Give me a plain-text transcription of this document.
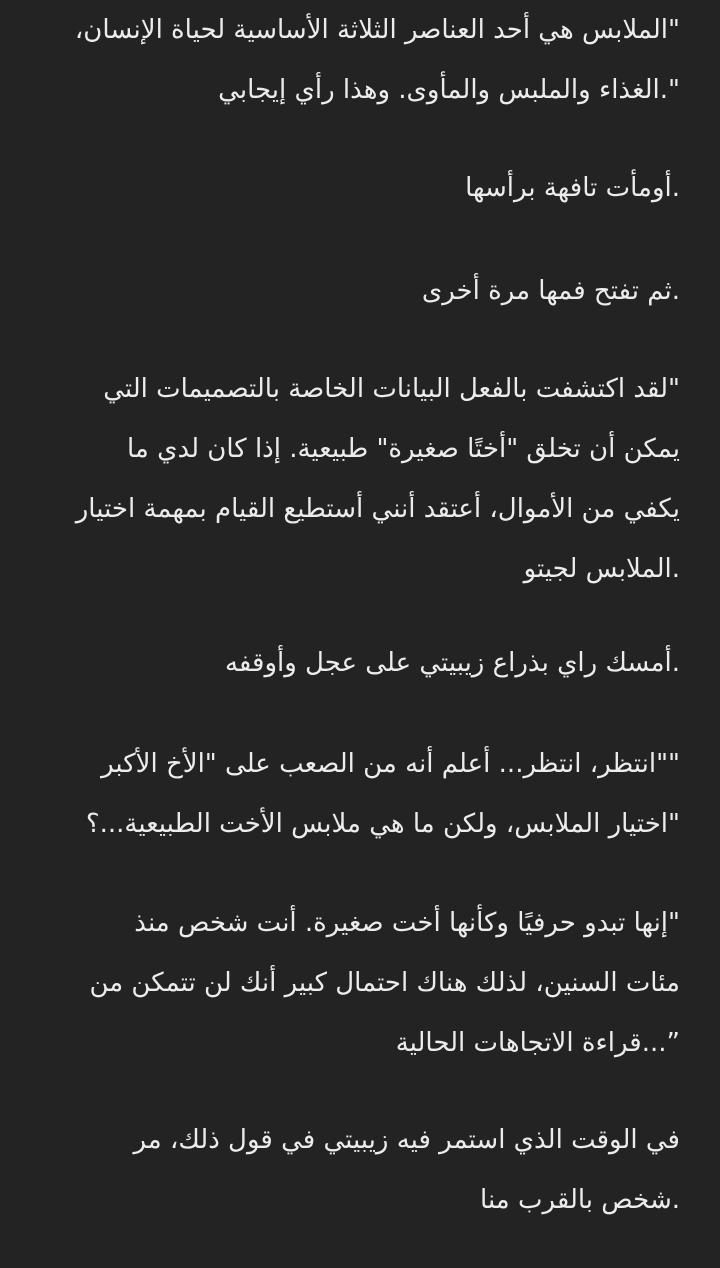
"الملابس هي أحد العناصر الثلاثة الأساسية لحياة الإنسان،
".الغذاء والملبس والمأوى. وهذا رأي إيجابي

.أومأت تافهة برأسها

.ثم تفتح فمها مرة أخرى

"لقد اكتشفت بالفعل البيانات الخاصة بالتصميمات التي
يمكن أن تخلق "أختًا صغيرة" طبيعية. إذا كان لدي ما
يكفي من الأموال، أعتقد أنني أستطيع القيام بمهمة اختيار
.الملابس لجيتو

.أمسك راي بذراع زيبيتي على عجل وأوقفه

""انتظر، انتظر... أعلم أنه من الصعب على "الأخ الأكبر
"اختيار الملابس، ولكن ما هي ملابس الأخت الطبيعية...؟

"إنها تبدو حرفيًا وكأنها أخت صغيرة. أنت شخص منذ
مئات السنين، لذلك هناك احتمال كبير أنك لن تتمكن من
”...قراءة الاتجاهات الحالية

في الوقت الذي استمر فيه زيبيتي في قول ذلك، مر
.شخص بالقرب منا
